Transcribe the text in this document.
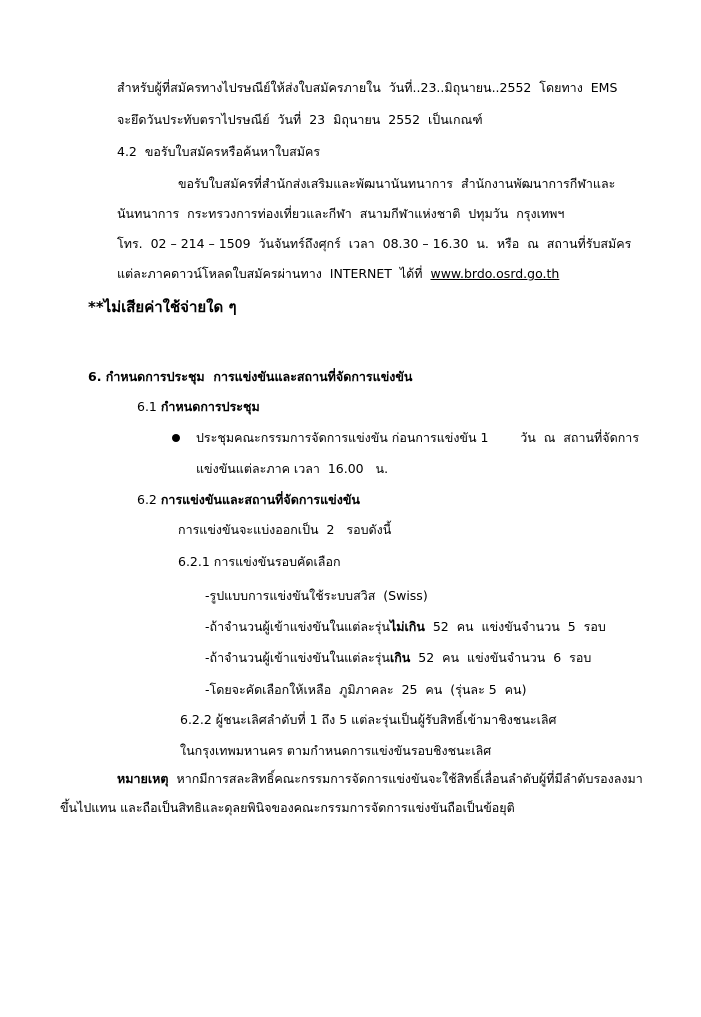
สำหรับผู้ที่สมัครทางไปรษณีย์ให้ส่งใบสมัครภายใน  วันที่..23..มิถุนายน..2552  โดยทาง  EMS
จะยึดวันประทับตราไปรษณีย์  วันที่  23  มิถุนายน  2552  เป็นเกณฑ์
4.2  ขอรับใบสมัครหรือค้นหาใบสมัคร
ขอรับใบสมัครที่สำนักส่งเสริมและพัฒนานันทนาการ  สำนักงานพัฒนาการกีฬาและ
นันทนาการ  กระทรวงการท่องเที่ยวและกีฬา  สนามกีฬาแห่งชาติ  ปทุมวัน  กรุงเทพฯ
โทร.  02 – 214 – 1509  วันจันทร์ถึงศุกร์  เวลา  08.30 – 16.30  น.  หรือ  ณ  สถานที่รับสมัคร
แต่ละภาคดาวน์โหลดใบสมัครผ่านทาง  INTERNET  ได้ที่  www.brdo.osrd.go.th
**ไม่เสียค่าใช้จ่ายใด ๆ
6. กำหนดการประชุม  การแข่งขันและสถานที่จัดการแข่งขัน
6.1 กำหนดการประชุม
ประชุมคณะกรรมการจัดการแข่งขัน ก่อนการแข่งขัน 1        วัน  ณ  สถานที่จัดการ
แข่งขันแต่ละภาค เวลา  16.00   น.
6.2 การแข่งขันและสถานที่จัดการแข่งขัน
การแข่งขันจะแบ่งออกเป็น  2   รอบดังนี้
6.2.1 การแข่งขันรอบคัดเลือก
-รูปแบบการแข่งขันใช้ระบบสวิส  (Swiss)
-ถ้าจำนวนผู้เข้าแข่งขันในแต่ละรุ่นไม่เกิน  52  คน  แข่งขันจำนวน  5  รอบ
-ถ้าจำนวนผู้เข้าแข่งขันในแต่ละรุ่นเกิน  52  คน  แข่งขันจำนวน  6  รอบ
-โดยจะคัดเลือกให้เหลือ  ภูมิภาคละ  25  คน  (รุ่นละ 5  คน)
6.2.2 ผู้ชนะเลิศลำดับที่ 1 ถึง 5 แต่ละรุ่นเป็นผู้รับสิทธิ์เข้ามาชิงชนะเลิศ
ในกรุงเทพมหานคร ตามกำหนดการแข่งขันรอบชิงชนะเลิศ
หมายเหตุ หากมีการสละสิทธิ์คณะกรรมการจัดการแข่งขันจะใช้สิทธิ์เลื่อนลำดับผู้ที่มีลำดับรองลงมา
ขึ้นไปแทน และถือเป็นสิทธิและดุลยพินิจของคณะกรรมการจัดการแข่งขันถือเป็นข้อยุติ
